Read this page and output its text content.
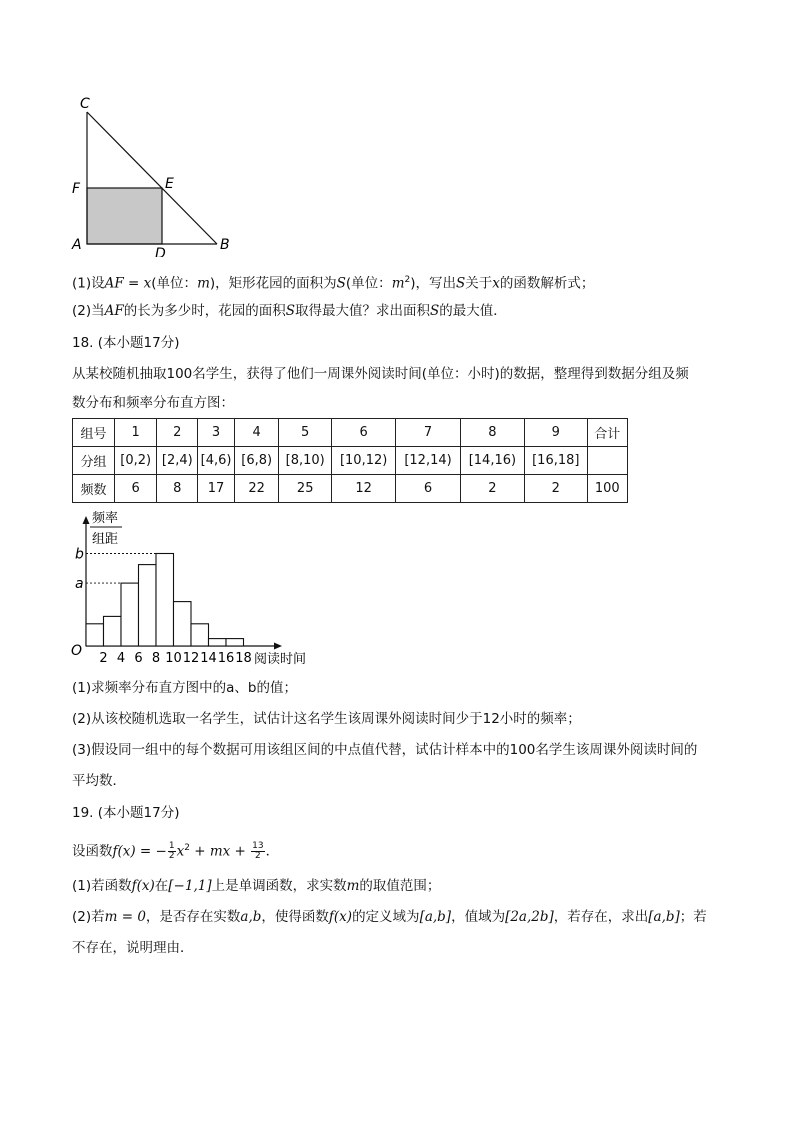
C
F	E
A
D
B
(1)设AF = x(单位：m)，矩形花园的面积为S(单位：$m^2$)，写出S关于x的函数解析式；
(2)当AF的长为多少时，花园的面积S取得最大值？求出面积S的最大值．
18. (本小题17分)
从某校随机抽取100名学生，获得了他们一周课外阅读时间(单位：小时)的数据，整理得到数据分组及频
数分布和频率分布直方图：
组号	1	2	3	4	5	6	7	8	9	合计
分组	[0,2)	[2,4)	[4,6)	[6,8)	[8,10)	[10,12)	[12,14)	[14,16)	[16,18]	
频数	6	8	17	22	25	12	6	2	2	100
频率
组距
O 2 4 6 8 10 12 14 16 18 阅读时间
b
a
(1)求频率分布直方图中的a、b的值；
(2)从该校随机选取一名学生，试估计这名学生该周课外阅读时间少于12小时的频率；
(3)假设同一组中的每个数据可用该组区间的中点值代替，试估计样本中的100名学生该周课外阅读时间的
平均数．
19. (本小题17分)
设函数f(x) = − $\frac{1}{2} x^2$ + mx + $\frac{13}{2}$ ．
(1)若函数f(x)在[−1,1]上是单调函数，求实数m的取值范围；
(2)若m = 0，是否存在实数a,b，使得函数f(x)的定义域为[a,b]，值域为[2a,2b]，若存在，求出[a,b]；若
不存在，说明理由．
